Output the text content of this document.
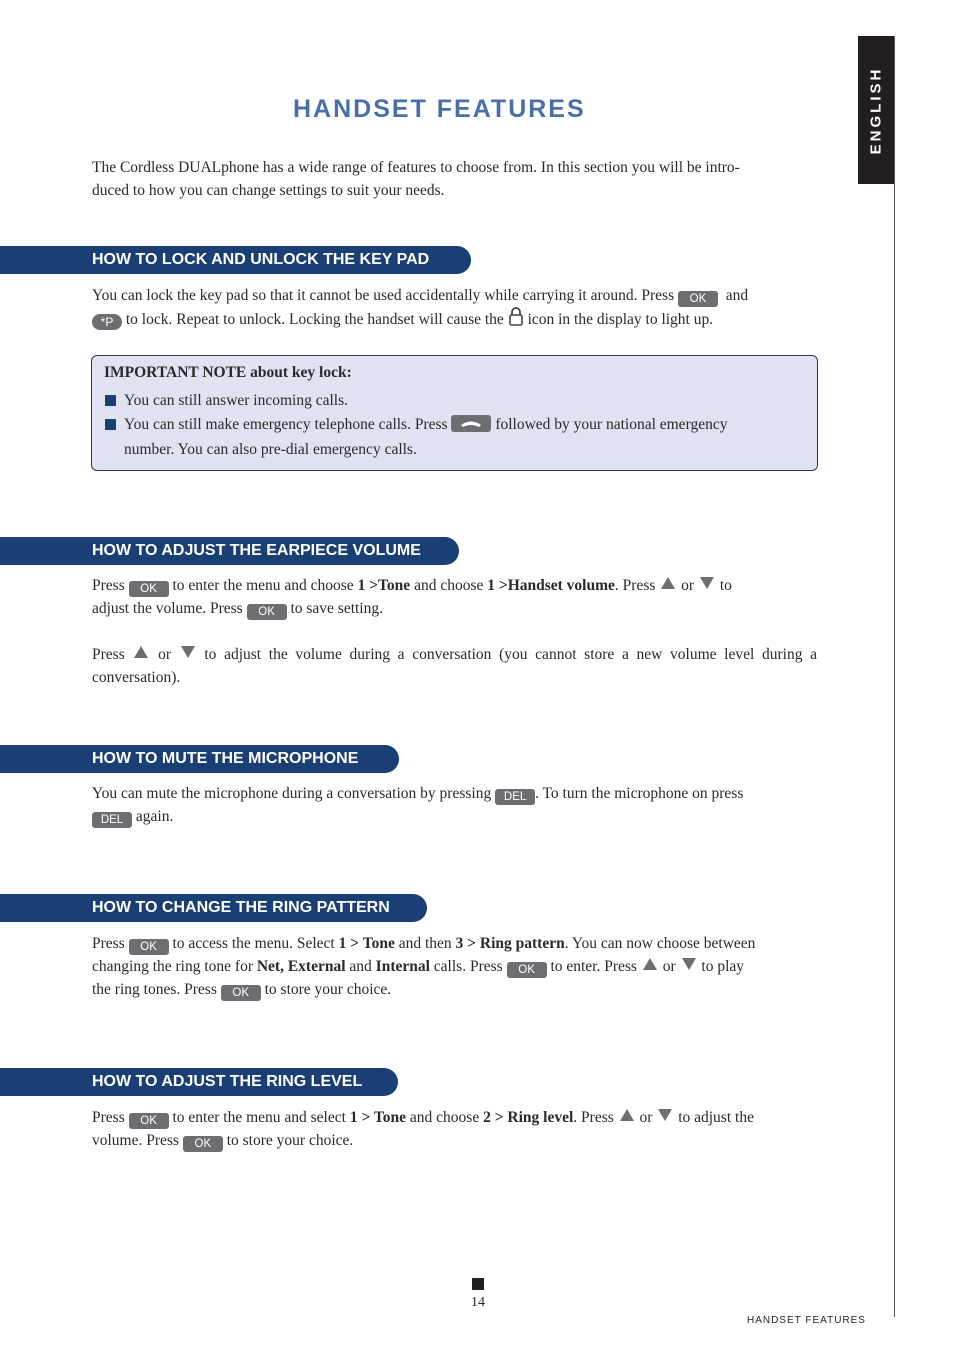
ENGLISH
HANDSET FEATURES
The Cordless DUALphone has a wide range of features to choose from. In this section you will be intro-
duced to how you can change settings to suit your needs.
HOW TO LOCK AND UNLOCK THE KEY PAD
You can lock the key pad so that it cannot be used accidentally while carrying it around. Press OK and
*P to lock. Repeat to unlock. Locking the handset will cause the icon in the display to light up.
IMPORTANT NOTE about key lock:
You can still answer incoming calls.
You can still make emergency telephone calls. Press	followed by your national emergency
number. You can also pre-dial emergency calls.
HOW TO ADJUST THE EARPIECE VOLUME
Press OK to enter the menu and choose 1 >Tone and choose 1 >Handset volume. Press or to
adjust the volume. Press OK to save setting.
Press or to adjust the volume during a conversation (you cannot store a new volume level during a conversation).
HOW TO MUTE THE MICROPHONE
You can mute the microphone during a conversation by pressing DEL . To turn the microphone on press
DEL again.
HOW TO CHANGE THE RING PATTERN
Press OK to access the menu. Select 1 > Tone and then 3 > Ring pattern. You can now choose between
changing the ring tone for Net, External and Internal calls. Press OK to enter. Press or to play
the ring tones. Press OK to store your choice.
HOW TO ADJUST THE RING LEVEL
Press OK to enter the menu and select 1 > Tone and choose 2 > Ring level. Press or to adjust the
volume. Press OK to store your choice.
14
HANDSET FEATURES
